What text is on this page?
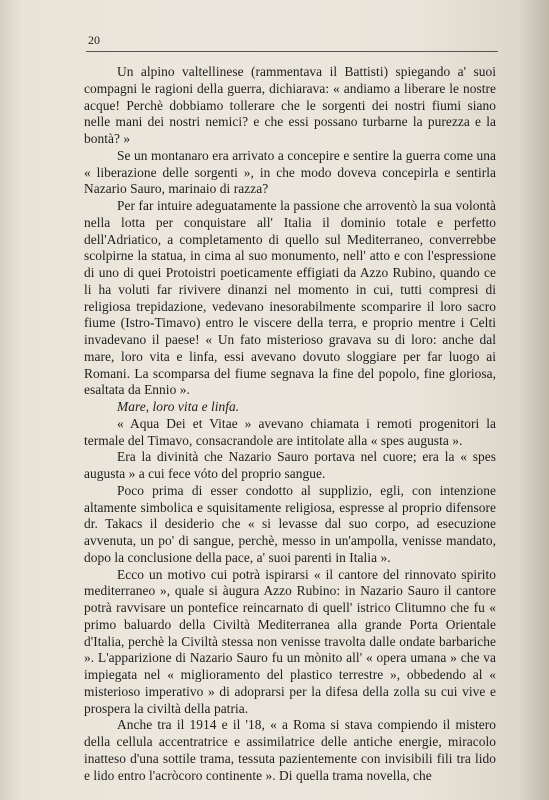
20

Un alpino valtellinese (rammentava il Battisti) spiegando a' suoi compagni le ragioni della guerra, dichiarava: « andiamo a liberare le nostre acque! Perchè dobbiamo tollerare che le sorgenti dei nostri fiumi siano nelle mani dei nostri nemici? e che essi possano turbarne la purezza e la bontà? »

Se un montanaro era arrivato a concepire e sentire la guerra come una « liberazione delle sorgenti », in che modo doveva concepirla e sentirla Nazario Sauro, marinaio di razza?

Per far intuire adeguatamente la passione che arroventò la sua volontà nella lotta per conquistare all' Italia il dominio totale e perfetto dell'Adriatico, a completamento di quello sul Mediterraneo, converrebbe scolpirne la statua, in cima al suo monumento, nell' atto e con l'espressione di uno di quei Protoistri poeticamente effigiati da Azzo Rubino, quando ce li ha voluti far rivivere dinanzi nel momento in cui, tutti compresi di religiosa trepidazione, vedevano inesorabilmente scomparire il loro sacro fiume (Istro-Timavo) entro le viscere della terra, e proprio mentre i Celti invadevano il paese! « Un fato misterioso gravava su di loro: anche dal mare, loro vita e linfa, essi avevano dovuto sloggiare per far luogo ai Romani. La scomparsa del fiume segnava la fine del popolo, fine gloriosa, esaltata da Ennio ».

Mare, loro vita e linfa.

« Aqua Dei et Vitae » avevano chiamata i remoti progenitori la termale del Timavo, consacrandole are intitolate alla « spes augusta ».

Era la divinità che Nazario Sauro portava nel cuore; era la « spes augusta » a cui fece vóto del proprio sangue.

Poco prima di esser condotto al supplizio, egli, con intenzione altamente simbolica e squisitamente religiosa, espresse al proprio difensore dr. Takacs il desiderio che « si levasse dal suo corpo, ad esecuzione avvenuta, un po' di sangue, perchè, messo in un'ampolla, venisse mandato, dopo la conclusione della pace, a' suoi parenti in Italia ».

Ecco un motivo cui potrà ispirarsi « il cantore del rinnovato spirito mediterraneo », quale si àugura Azzo Rubino: in Nazario Sauro il cantore potrà ravvisare un pontefice reincarnato di quell' istrico Clitumno che fu « primo baluardo della Civiltà Mediterranea alla grande Porta Orientale d'Italia, perchè la Civiltà stessa non venisse travolta dalle ondate barbariche ». L'apparizione di Nazario Sauro fu un mònito all' « opera umana » che va impiegata nel « miglioramento del plastico terrestre », obbedendo al « misterioso imperativo » di adoprarsi per la difesa della zolla su cui vive e prospera la civiltà della patria.

Anche tra il 1914 e il '18, « a Roma si stava compiendo il mistero della cellula accentratrice e assimilatrice delle antiche energie, miracolo inatteso d'una sottile trama, tessuta pazientemente con invisibili fili tra lido e lido entro l'acròcoro continente ». Di quella trama novella, che
